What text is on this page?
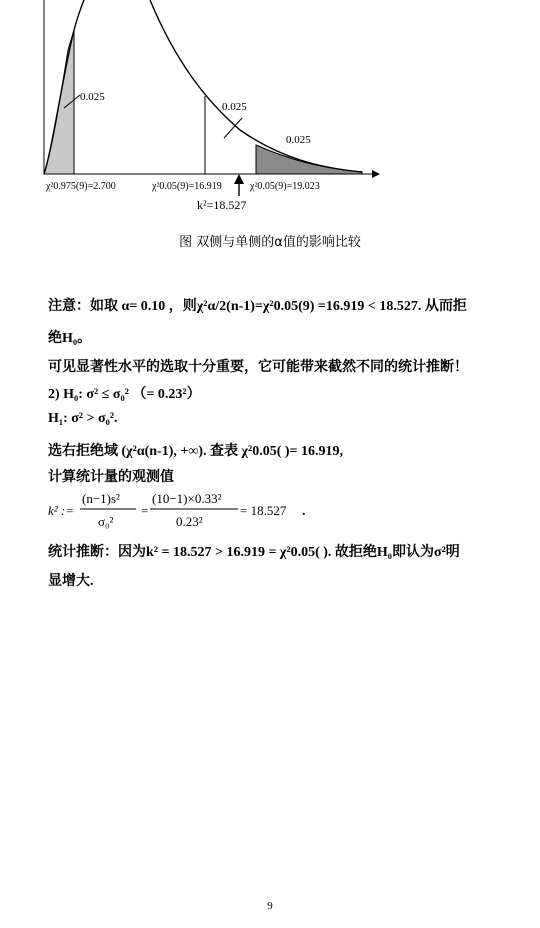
0.025
0.025
0.025
χ²0.975(9)=2.700	χ²0.05(9)=16.919	χ²0.05(9)=19.023
k²=18.527
图 双侧与单侧的α值的影响比较
注意：如取 α= 0.10 ，则χ²α/2(n-1)=χ²0.05(9) =16.919 < 18.527. 从而拒
绝H₀。
可见显著性水平的选取十分重要，它可能带来截然不同的统计推断！
2) H₀: σ² ≤ σ₀² （= 0.23²）
H₁: σ² > σ₀².
选右拒绝域 (χ²α(n-1), +∞). 查表 χ²0.05( )= 16.919,
计算统计量的观测值
k² :=
(n−1)s²
σ₀²
=
(10−1)×0.33²
0.23²
= 18.527 .
统计推断：因为k² = 18.527 > 16.919 = χ²0.05( ). 故拒绝H₀即认为σ²明
显增大.
9
